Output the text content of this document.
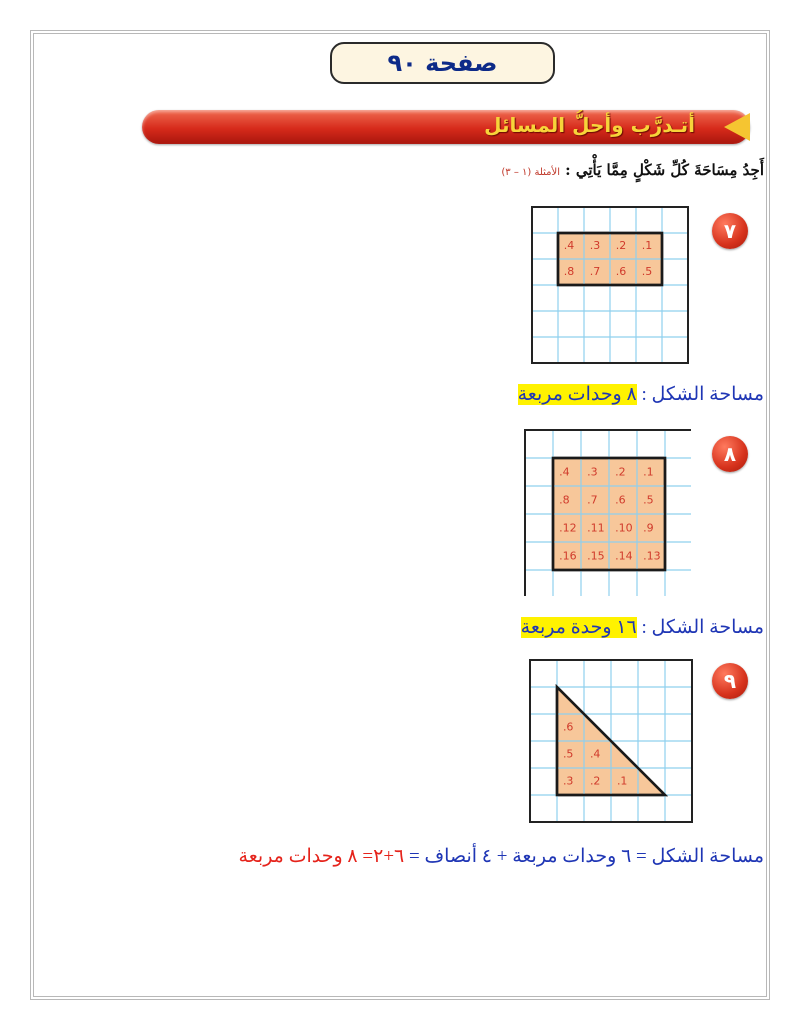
صفحة ٩٠
أتـدرَّب وأحلُّ المسائل
أَجِدُ مِسَاحَةَ كُلِّ شَكْلٍ مِمَّا يَأْتِي : الأمثلة (١ – ٣)
٧
.4 .3 .2 .1
.8 .7 .6 .5
مساحة الشكل : ٨ وحدات مربعة
٨
.4 .3 .2 .1
.8 .7 .6 .5
.12 .11 .10 .9
.16 .15 .14 .13
مساحة الشكل : ١٦ وحدة مربعة
٩
.6
.5 .4
.3 .2 .1
مساحة الشكل = ٦ وحدات مربعة + ٤ أنصاف = ٦+٢= ٨ وحدات مربعة
